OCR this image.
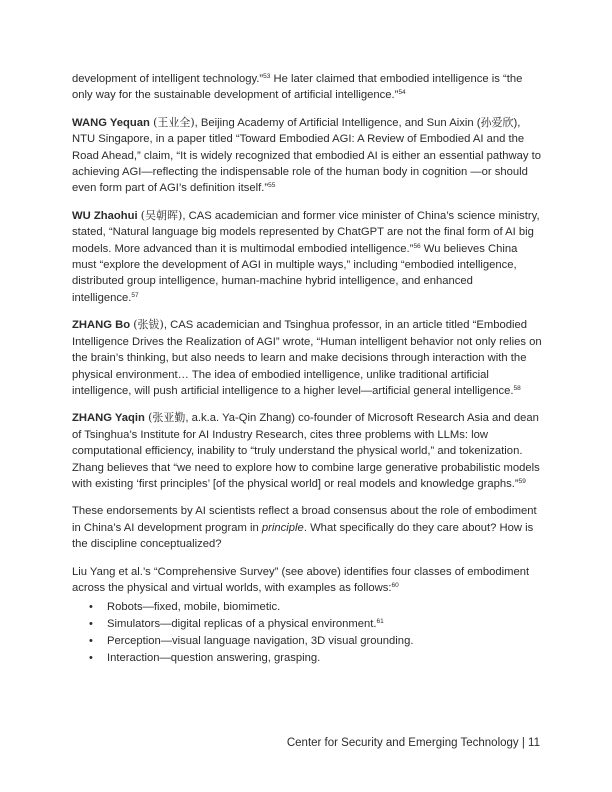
development of intelligent technology.”$^{53}$ He later claimed that embodied intelligence is “the only way for the sustainable development of artificial intelligence.”$^{54}$

WANG Yequan (王业全), Beijing Academy of Artificial Intelligence, and Sun Aixin (孙爱欣), NTU Singapore, in a paper titled “Toward Embodied AGI: A Review of Embodied AI and the Road Ahead,” claim, “It is widely recognized that embodied AI is either an essential pathway to achieving AGI—reflecting the indispensable role of the human body in cognition —or should even form part of AGI’s definition itself.”$^{55}$

WU Zhaohui (吴朝晖), CAS academician and former vice minister of China’s science ministry, stated, “Natural language big models represented by ChatGPT are not the final form of AI big models. More advanced than it is multimodal embodied intelligence.”$^{56}$ Wu believes China must “explore the development of AGI in multiple ways,” including “embodied intelligence, distributed group intelligence, human-machine hybrid intelligence, and enhanced intelligence.$^{57}$

ZHANG Bo (张钹), CAS academician and Tsinghua professor, in an article titled “Embodied Intelligence Drives the Realization of AGI” wrote, “Human intelligent behavior not only relies on the brain’s thinking, but also needs to learn and make decisions through interaction with the physical environment… The idea of embodied intelligence, unlike traditional artificial intelligence, will push artificial intelligence to a higher level—artificial general intelligence.$^{58}$

ZHANG Yaqin (张亚勤, a.k.a. Ya-Qin Zhang) co-founder of Microsoft Research Asia and dean of Tsinghua’s Institute for AI Industry Research, cites three problems with LLMs: low computational efficiency, inability to “truly understand the physical world,” and tokenization. Zhang believes that “we need to explore how to combine large generative probabilistic models with existing ‘first principles’ [of the physical world] or real models and knowledge graphs.”$^{59}$

These endorsements by AI scientists reflect a broad consensus about the role of embodiment in China’s AI development program in principle. What specifically do they care about? How is the discipline conceptualized?

Liu Yang et al.’s “Comprehensive Survey” (see above) identifies four classes of embodiment across the physical and virtual worlds, with examples as follows:$^{60}$

• Robots—fixed, mobile, biomimetic.
• Simulators—digital replicas of a physical environment.$^{61}$
• Perception—visual language navigation, 3D visual grounding.
• Interaction—question answering, grasping.
Center for Security and Emerging Technology | 11
